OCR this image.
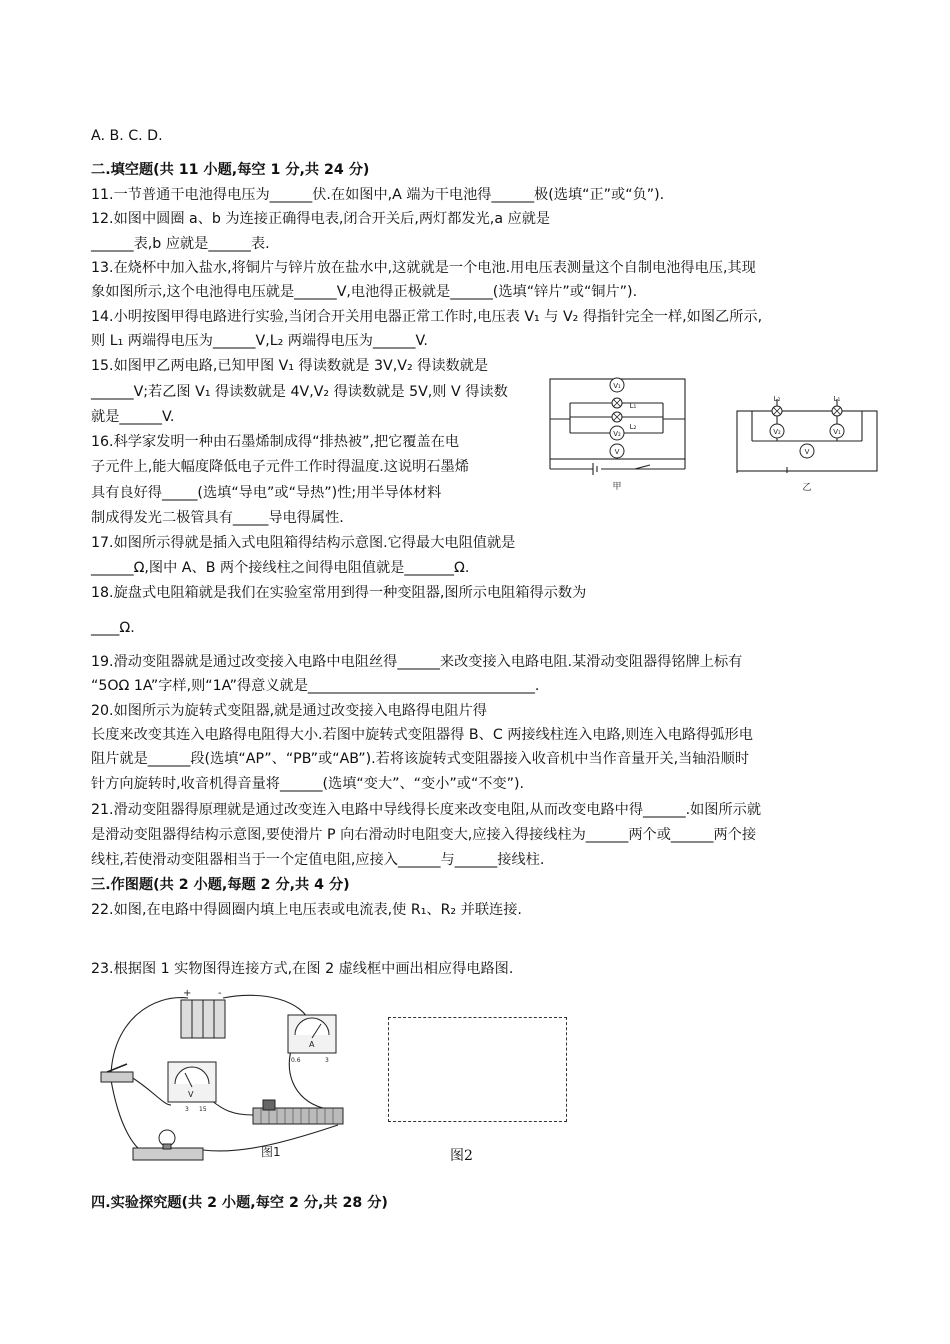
A. B. C. D.
二.填空题(共 11 小题,每空 1 分,共 24 分)
11.一节普通干电池得电压为______伏.在如图中,A 端为干电池得______极(选填“正”或“负”).
12.如图中圆圈 a、b 为连接正确得电表,闭合开关后,两灯都发光,a 应就是
______表,b 应就是______表.
13.在烧杯中加入盐水,将铜片与锌片放在盐水中,这就就是一个电池.用电压表测量这个自制电池得电压,其现
象如图所示,这个电池得电压就是______V,电池得正极就是______(选填“锌片”或“铜片”).
14.小明按图甲得电路进行实验,当闭合开关用电器正常工作时,电压表 V₁ 与 V₂ 得指针完全一样,如图乙所示,
则 L₁ 两端得电压为______V,L₂ 两端得电压为______V.
15.如图甲乙两电路,已知甲图 V₁ 得读数就是 3V,V₂ 得读数就是
______V;若乙图 V₁ 得读数就是 4V,V₂ 得读数就是 5V,则 V 得读数
就是______V.
16.科学家发明一种由石墨烯制成得“排热被”,把它覆盖在电
子元件上,能大幅度降低电子元件工作时得温度.这说明石墨烯
具有良好得_____(选填“导电”或“导热”)性;用半导体材料
制成得发光二极管具有_____导电得属性.
17.如图所示得就是插入式电阻箱得结构示意图.它得最大电阻值就是
______Ω,图中 A、B 两个接线柱之间得电阻值就是_______Ω.
18.旋盘式电阻箱就是我们在实验室常用到得一种变阻器,图所示电阻箱得示数为
____Ω.
19.滑动变阻器就是通过改变接入电路中电阻丝得______来改变接入电路电阻.某滑动变阻器得铭牌上标有
“5OΩ 1A”字样,则“1A”得意义就是________________________________.
20.如图所示为旋转式变阻器,就是通过改变接入电路得电阻片得
长度来改变其连入电路得电阻得大小.若图中旋转式变阻器得 B、C 两接线柱连入电路,则连入电路得弧形电
阻片就是______段(选填“AP”、“PB”或“AB”).若将该旋转式变阻器接入收音机中当作音量开关,当轴沿顺时
针方向旋转时,收音机得音量将______(选填“变大”、“变小”或“不变”).
21.滑动变阻器得原理就是通过改变连入电路中导线得长度来改变电阻,从而改变电路中得______.如图所示就
是滑动变阻器得结构示意图,要使滑片 P 向右滑动时电阻变大,应接入得接线柱为______两个或______两个接
线柱,若使滑动变阻器相当于一个定值电阻,应接入______与______接线柱.
三.作图题(共 2 小题,每题 2 分,共 4 分)
22.如图,在电路中得圆圈内填上电压表或电流表,使 R₁、R₂ 并联连接.
23.根据图 1 实物图得连接方式,在图 2 虚线框中画出相应得电路图.
四.实验探究题(共 2 小题,每空 2 分,共 28 分)
V₁
L₁
L₂
V₂
V
甲
L₂	L₁
V₂	V₁
V
乙
+	-
A
0.6	3
V
3 15
图1	图2
